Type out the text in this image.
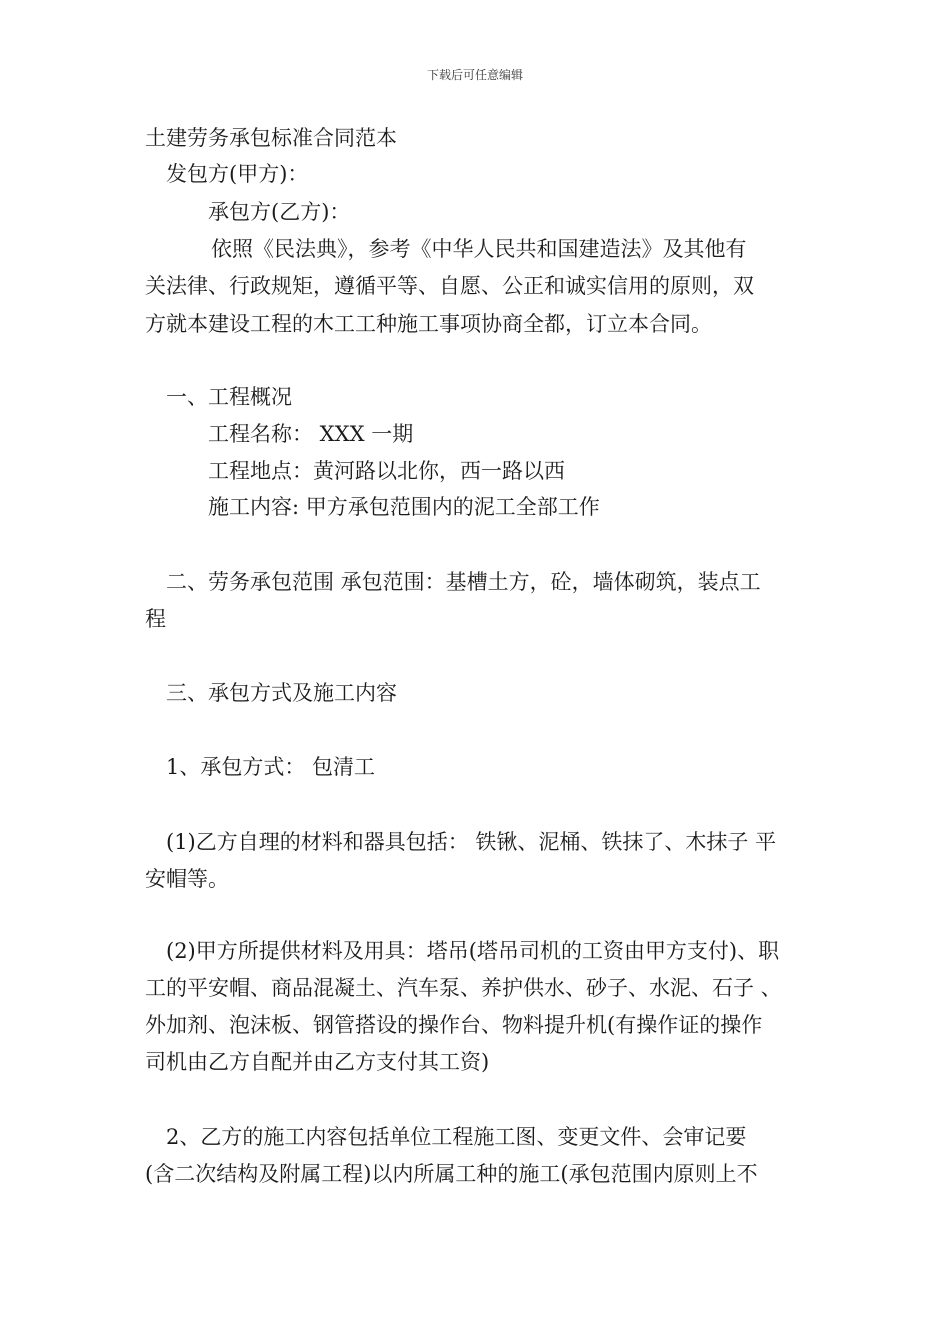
下载后可任意编辑
土建劳务承包标准合同范本
发包方(甲方)：
承包方(乙方)：
依照《民法典》，参考《中华人民共和国建造法》及其他有
关法律、行政规矩，遵循平等、自愿、公正和诚实信用的原则，双
方就本建设工程的木工工种施工事项协商全都，订立本合同。
一、工程概况
工程名称： XXX 一期
工程地点：黄河路以北你，西一路以西
施工内容: 甲方承包范围内的泥工全部工作
二、劳务承包范围 承包范围：基槽土方，砼，墙体砌筑，装点工
程
三、承包方式及施工内容
1、承包方式： 包清工
(1)乙方自理的材料和器具包括： 铁锹、泥桶、铁抹了、木抹子 平
安帽等。
(2)甲方所提供材料及用具：塔吊(塔吊司机的工资由甲方支付)、职
工的平安帽、商品混凝土、汽车泵、养护供水、砂子、水泥、石子 、
外加剂、泡沫板、钢管搭设的操作台、物料提升机(有操作证的操作
司机由乙方自配并由乙方支付其工资)
2、乙方的施工内容包括单位工程施工图、变更文件、会审记要
(含二次结构及附属工程)以内所属工种的施工(承包范围内原则上不
